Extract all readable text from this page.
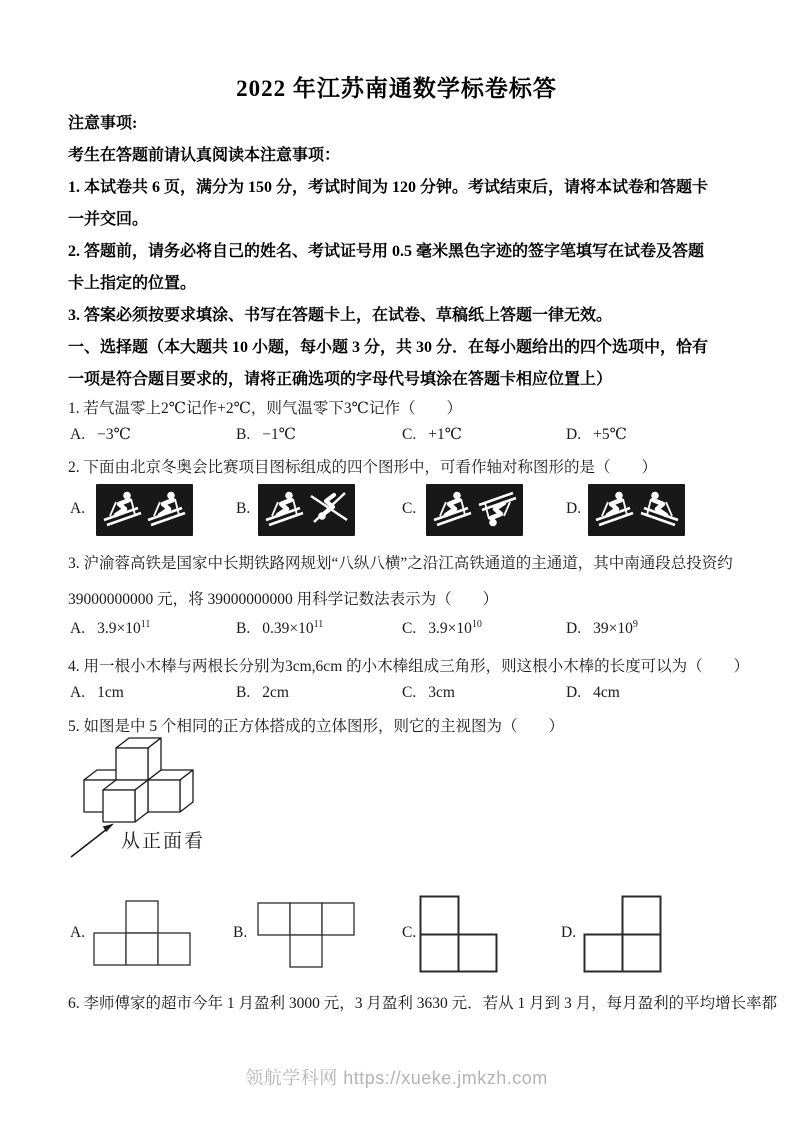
2022 年江苏南通数学标卷标答
注意事项:
考生在答题前请认真阅读本注意事项：
1. 本试卷共 6 页，满分为 150 分，考试时间为 120 分钟。考试结束后，请将本试卷和答题卡
一并交回。
2. 答题前，请务必将自己的姓名、考试证号用 0.5 毫米黑色字迹的签字笔填写在试卷及答题
卡上指定的位置。
3. 答案必须按要求填涂、书写在答题卡上，在试卷、草稿纸上答题一律无效。
一、选择题（本大题共 10 小题，每小题 3 分，共 30 分．在每小题给出的四个选项中，恰有
一项是符合题目要求的，请将正确选项的字母代号填涂在答题卡相应位置上）
1. 若气温零上2℃记作+2℃，则气温零下3℃记作（　　）
A. −3℃	B. −1℃	C. +1℃	D. +5℃
2. 下面由北京冬奥会比赛项目图标组成的四个图形中，可看作轴对称图形的是（　　）
A.	B.	C.	D.
3. 沪渝蓉高铁是国家中长期铁路网规划“八纵八横”之沿江高铁通道的主通道，其中南通段总投资约
39000000000 元，将 39000000000 用科学记数法表示为（　　）
A. $3.9\times 10^{11}$	B. $0.39\times 10^{11}$	C. $3.9\times 10^{10}$	D. $39\times 10^9$
4. 用一根小木棒与两根长分别为3cm,6cm 的小木棒组成三角形，则这根小木棒的长度可以为（　　）
A. 1cm	B. 2cm	C. 3cm	D. 4cm
5. 如图是中 5 个相同的正方体搭成的立体图形，则它的主视图为（　　）
从正面看
A.	B.	C.	D.
6. 李师傅家的超市今年 1 月盈利 3000 元，3 月盈利 3630 元．若从 1 月到 3 月，每月盈利的平均增长率都
领航学科网 https://xueke.jmkzh.com
